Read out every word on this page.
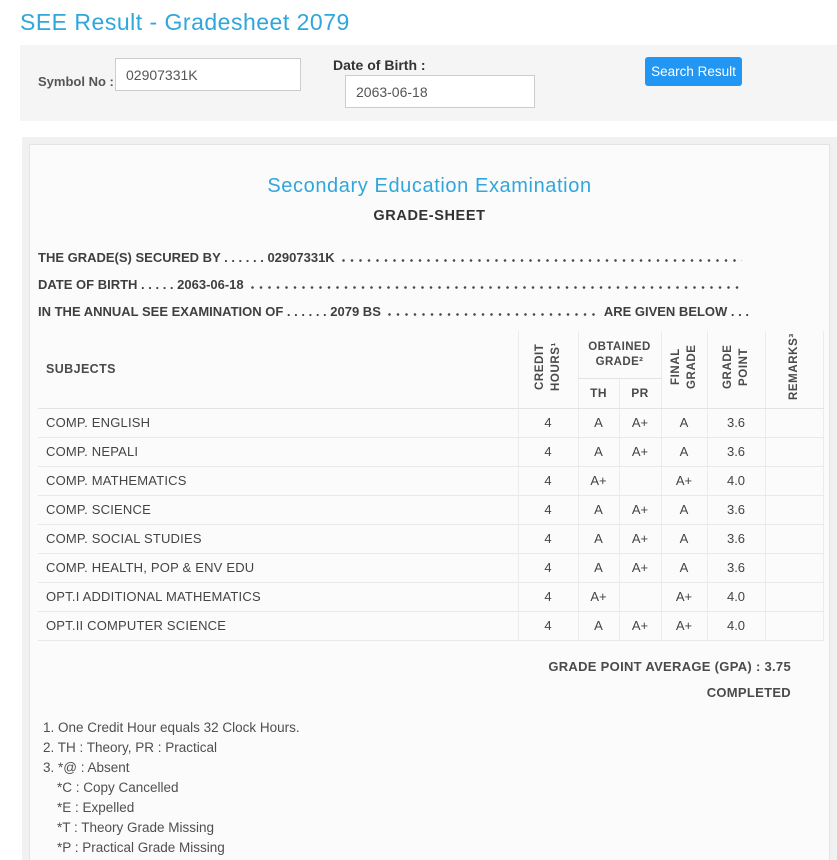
SEE Result - Gradesheet 2079
Symbol No :
02907331K
Date of Birth :
2063-06-18	Search Result
Secondary Education Examination
GRADE-SHEET
THE GRADE(S) SECURED BY . . . . . . 02907331K
DATE OF BIRTH . . . . . 2063-06-18
IN THE ANNUAL SEE EXAMINATION OF . . . . . . 2079 BS	ARE GIVEN BELOW . . .
SUBJECTS	CREDIT HOURS¹	OBTAINED GRADE²		FINAL GRADE	GRADE POINT	REMARKS³
		TH	PR			
COMP. ENGLISH	4	A	A+	A	3.6	
COMP. NEPALI	4	A	A+	A	3.6	
COMP. MATHEMATICS	4	A+		A+	4.0	
COMP. SCIENCE	4	A	A+	A	3.6	
COMP. SOCIAL STUDIES	4	A	A+	A	3.6	
COMP. HEALTH, POP & ENV EDU	4	A	A+	A	3.6	
OPT.I ADDITIONAL MATHEMATICS	4	A+		A+	4.0	
OPT.II COMPUTER SCIENCE	4	A	A+	A+	4.0	
GRADE POINT AVERAGE (GPA) : 3.75
COMPLETED
1. One Credit Hour equals 32 Clock Hours.
2. TH : Theory, PR : Practical
3. *@ : Absent
*C : Copy Cancelled
*E : Expelled
*T : Theory Grade Missing
*P : Practical Grade Missing
